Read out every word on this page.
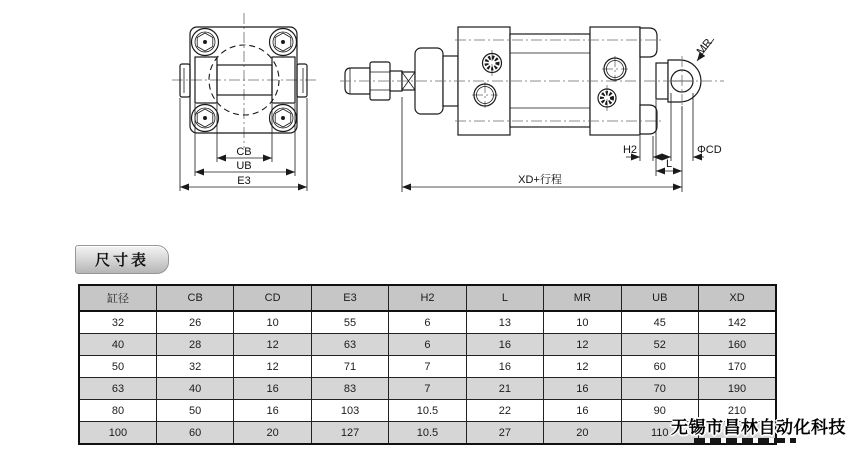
CB
UB
E3
MR
H2	ΦCD
L
XD+行程
尺寸表
缸径	CB	CD	E3	H2	L	MR	UB	XD
32	26	10	55	6	13	10	45	142
40	28	12	63	6	16	12	52	160
50	32	12	71	7	16	12	60	170
63	40	16	83	7	21	16	70	190
80	50	16	103	10.5	22	16	90	210
100	60	20	127	10.5	27	20	110	无锡市昌林自动化科技
